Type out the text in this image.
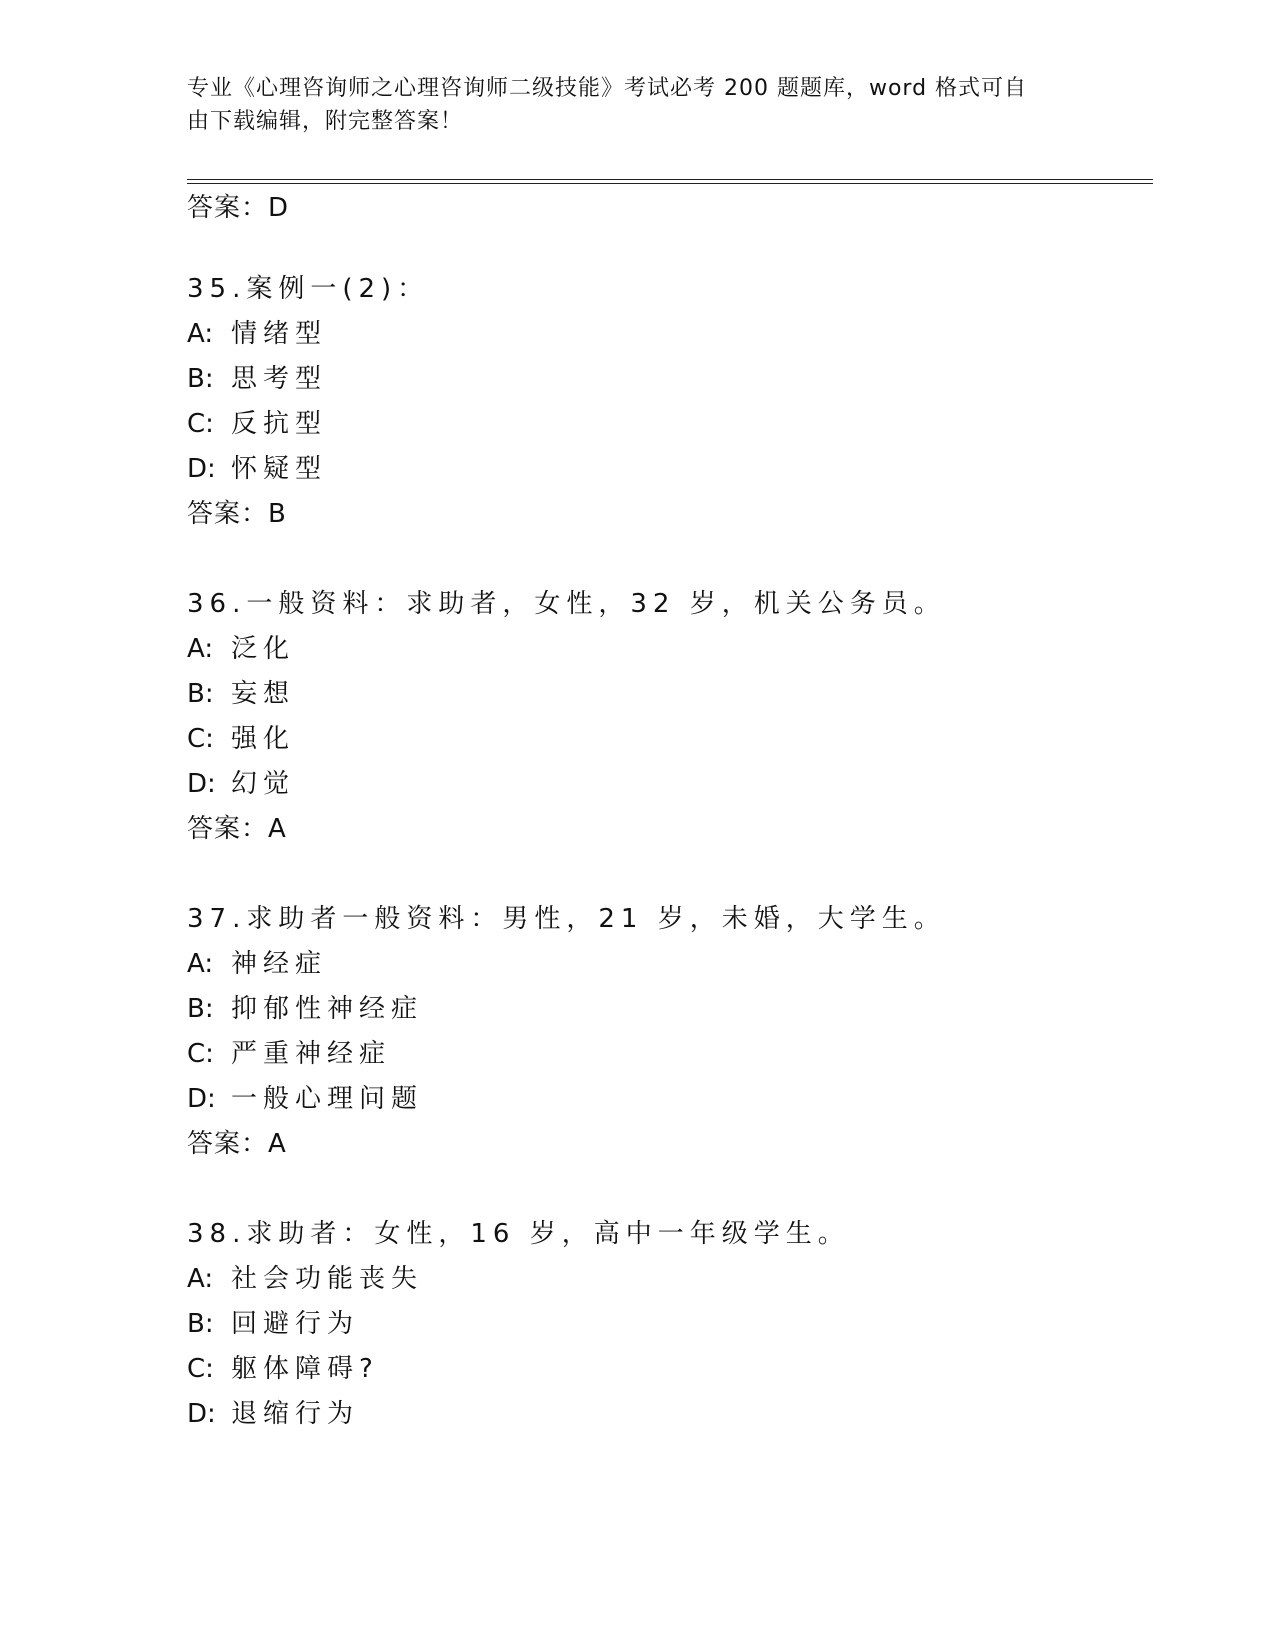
专业《心理咨询师之心理咨询师二级技能》考试必考 200 题题库，word 格式可自
由下载编辑，附完整答案！
答案：D
35.案例一(2)：
A: 情绪型
B: 思考型
C: 反抗型
D: 怀疑型
答案：B
36.一般资料：求助者，女性，32 岁，机关公务员。
A: 泛化
B: 妄想
C: 强化
D: 幻觉
答案：A
37.求助者一般资料：男性，21 岁，未婚，大学生。
A: 神经症
B: 抑郁性神经症
C: 严重神经症
D: 一般心理问题
答案：A
38.求助者：女性，16 岁，高中一年级学生。
A: 社会功能丧失
B: 回避行为
C: 躯体障碍?
D: 退缩行为
